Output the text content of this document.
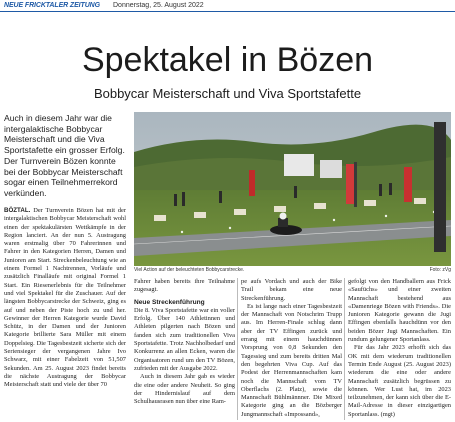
NEUE FRICKTALER ZEITUNG Donnerstag, 25. August 2022
Spektakel in Bözen
Bobbycar Meisterschaft und Viva Sportstafette
Auch in diesem Jahr war die intergalaktische Bobbycar Meisterschaft und die Viva Sportstafette ein grosser Erfolg. Der Turnverein Bözen konnte bei der Bobbycar Meisterschaft sogar einen Teilnehmerrekord verkünden.
Viel Action auf der beleuchteten Bobbycarstrecke.	Foto: zVg

BÖZTAL. Der Turnverein Bözen hat mit der intergalaktischen Bobbycar Meisterschaft wohl einen der spektakulärsten Wettkämpfe in der Region lanciert. An der nun 5. Austragung waren erstmalig über 70 Fahrerinnen und Fahrer in den Kategorien Herren, Damen und Junioren am Start. Streckenbeleuchtung wie an einem Formel 1 Nachtrennen, Vorläufe und zusätzlich Finalläufe mit original Formel 1 Start. Ein Riesenerlebnis für die Teilnehmer und viel Spektakel für die Zuschauer. Auf der längsten Bobbycarstrecke der Schweiz, ging es auf und neben der Piste hoch zu und her. Gewinner der Herren Kategorie wurde David Schütz, in der Damen und der Junioren Kategorie brillierte Sara Müller mit einem Doppelsieg. Die Tagesbestzeit sicherte sich der Seriensieger der vergangenen Jahre Ivo Schwarz, mit einer Fabelzeit von 51,507 Sekunden. Am 25. August 2023 findet bereits die nächste Austragung der Bobbycar Meisterschaft statt und viele der über 70

Fahrer haben bereits ihre Teilnahme zugesagt.

Neue Streckenführung

Die 8. Viva Sportstafette war ein voller Erfolg. Über 140 Athletinnen und Athleten pilgerten nach Bözen und fanden sich zum traditionellen Viva Sportstafette. Trotz Nachholbedarf und Konkurrenz an allen Ecken, waren die Organisatoren rund um den TV Bözen, zufrieden mit der Ausgabe 2022.

Auch in diesem Jahr gab es wieder die eine oder andere Neuheit. So ging der Hindernislauf auf dem Schulhausrasen nun über eine Ram-

pe aufs Vordach und auch der Bike Trail bekam eine neue Streckenführung.

Es ist lange nach einer Tagesbestzeit der Mannschaft von Notschrim Trupp aus. Im Herren-Finale schlug dann aber der TV Effingen zurück und errang mit einem hauchdünnen Vorsprung von 0,8 Sekunden den Tagessieg und zum bereits dritten Mal den begehrten Viva Cup. Auf das Podest der Herrenmannschaften kam noch die Mannschaft vom TV Oberflachs (2. Platz), sowie die Mannschaft Bühlmännner. Die Mixed Kategorie ging an die Bözberger Jungmannschaft «Impossand»,

gefolgt von den Handballern aus Frick «Saufüchs» und einer zweiten Mannschaft bestehend aus «Damenriege Bözen with Friends». Die Junioren Kategorie gewann die Jugi Effingen ebenfalls hauchdünn vor den beiden Bözer Jugi Mannschaften. Ein rundum gelungener Sportanlass.

Für das Jahr 2023 erhofft sich das OK mit dem wiederum traditionellen Termin Ende August (25. August 2023) wiederum die eine oder andere Mannschaft zusätzlich begrüssen zu können. Wer Lust hat, im 2023 teilzunehmen, der kann sich über die E-Mail-Adresse in dieser einzigartigen Sportanlass. (mgt)
